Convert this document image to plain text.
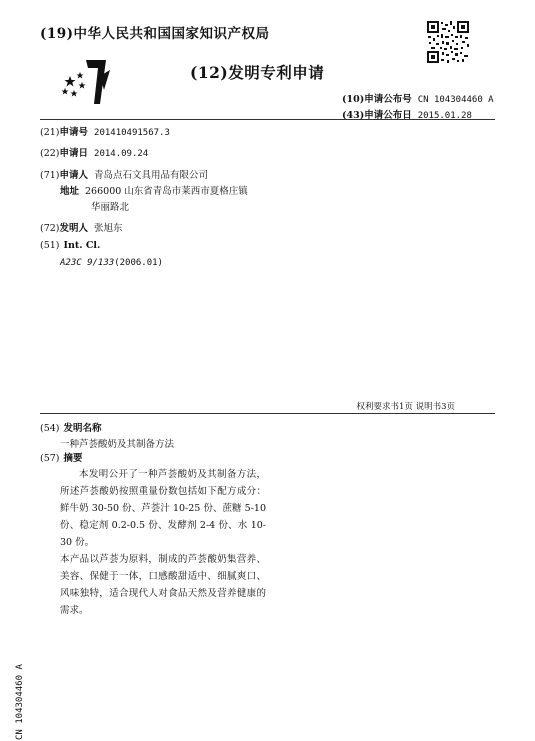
(19)中华人民共和国国家知识产权局
(12)发明专利申请
(10)申请公布号 CN 104304460 A
(43)申请公布日 2015.01.28
(21)申请号 201410491567.3
(22)申请日 2014.09.24
(71)申请人 青岛点石文具用品有限公司
地址 266000 山东省青岛市莱西市夏格庄镇
华丽路北
(72)发明人 张旭东
(51) Int. Cl.
A23C 9/133(2006.01)
权利要求书1页 说明书3页
(54) 发明名称
一种芦荟酸奶及其制备方法
(57) 摘要

本发明公开了一种芦荟酸奶及其制备方法，所述芦荟酸奶按照重量份数包括如下配方成分：鲜牛奶 30-50 份、芦荟汁 10-25 份、蔗糖 5-10 份、稳定剂 0.2-0.5 份、发酵剂 2-4 份、水 10-30 份。

本产品以芦荟为原料，制成的芦荟酸奶集营养、美容、保健于一体，口感酸甜适中、细腻爽口、风味独特，适合现代人对食品天然及营养健康的需求。

CN 104304460 A
